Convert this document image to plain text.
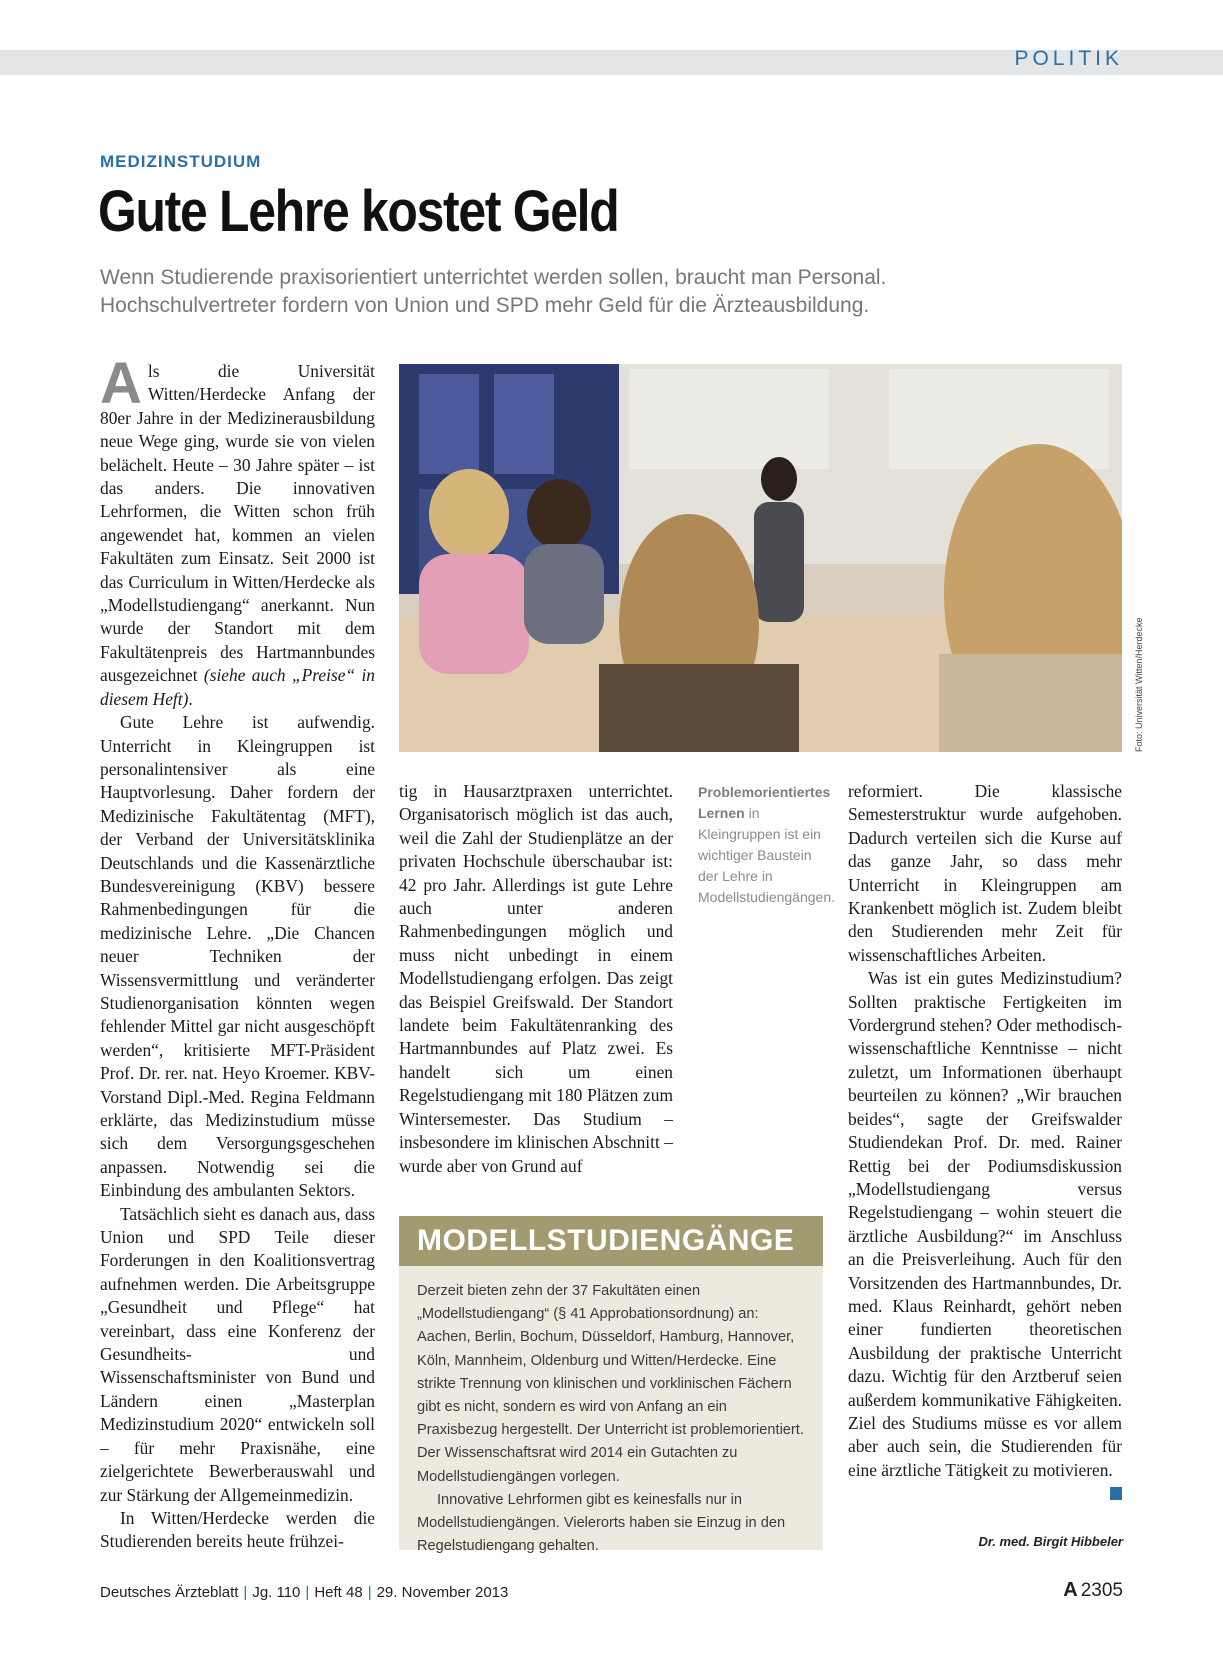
POLITIK
MEDIZINSTUDIUM
Gute Lehre kostet Geld
Wenn Studierende praxisorientiert unterrichtet werden sollen, braucht man Personal.
Hochschulvertreter fordern von Union und SPD mehr Geld für die Ärzteausbildung.

Als die Universität Witten/Herdecke Anfang der 80er Jahre in der Medizinerausbildung neue Wege ging, wurde sie von vielen belächelt. Heute – 30 Jahre später – ist das anders. Die innovativen Lehrformen, die Witten schon früh angewendet hat, kommen an vielen Fakultäten zum Einsatz. Seit 2000 ist das Curriculum in Witten/Herdecke als „Modellstudiengang“ anerkannt. Nun wurde der Standort mit dem Fakultätenpreis des Hartmannbundes ausgezeichnet (siehe auch „Preise“ in diesem Heft).

Gute Lehre ist aufwendig. Unterricht in Kleingruppen ist personalintensiver als eine Hauptvorlesung. Daher fordern der Medizinische Fakultätentag (MFT), der Verband der Universitätsklinika Deutschlands und die Kassenärztliche Bundesvereinigung (KBV) bessere Rahmenbedingungen für die medizinische Lehre. „Die Chancen neuer Techniken der Wissensvermittlung und veränderter Studienorganisation könnten wegen fehlender Mittel gar nicht ausgeschöpft werden“, kritisierte MFT-Präsident Prof. Dr. rer. nat. Heyo Kroemer. KBV-Vorstand Dipl.-Med. Regina Feldmann erklärte, das Medizinstudium müsse sich dem Versorgungsgeschehen anpassen. Notwendig sei die Einbindung des ambulanten Sektors.

Tatsächlich sieht es danach aus, dass Union und SPD Teile dieser Forderungen in den Koalitionsvertrag aufnehmen werden. Die Arbeitsgruppe „Gesundheit und Pflege“ hat vereinbart, dass eine Konferenz der Gesundheits- und Wissenschaftsminister von Bund und Ländern einen „Masterplan Medizinstudium 2020“ entwickeln soll – für mehr Praxisnähe, eine zielgerichtete Bewerberauswahl und zur Stärkung der Allgemeinmedizin.

In Witten/Herdecke werden die Studierenden bereits heute frühzei-

Foto: Universität Witten/Herdecke

tig in Hausarztpraxen unterrichtet. Organisatorisch möglich ist das auch, weil die Zahl der Studienplätze an der privaten Hochschule überschaubar ist: 42 pro Jahr. Allerdings ist gute Lehre auch unter anderen Rahmenbedingungen möglich und muss nicht unbedingt in einem Modellstudiengang erfolgen. Das zeigt das Beispiel Greifswald. Der Standort landete beim Fakultätenranking des Hartmannbundes auf Platz zwei. Es handelt sich um einen Regelstudiengang mit 180 Plätzen zum Wintersemester. Das Studium – insbesondere im klinischen Abschnitt – wurde aber von Grund auf

Problemorientiertes Lernen in Kleingruppen ist ein wichtiger Baustein der Lehre in Modellstudiengängen.
MODELLSTUDIENGÄNGE

Derzeit bieten zehn der 37 Fakultäten einen „Modellstudiengang“ (§ 41 Approbationsordnung) an: Aachen, Berlin, Bochum, Düsseldorf, Hamburg, Hannover, Köln, Mannheim, Oldenburg und Witten/Herdecke. Eine strikte Trennung von klinischen und vorklinischen Fächern gibt es nicht, sondern es wird von Anfang an ein Praxisbezug hergestellt. Der Unterricht ist problemorientiert. Der Wissenschaftsrat wird 2014 ein Gutachten zu Modellstudiengängen vorlegen.

Innovative Lehrformen gibt es keinesfalls nur in Modellstudiengängen. Vielerorts haben sie Einzug in den Regelstudiengang gehalten.

reformiert. Die klassische Semesterstruktur wurde aufgehoben. Dadurch verteilen sich die Kurse auf das ganze Jahr, so dass mehr Unterricht in Kleingruppen am Krankenbett möglich ist. Zudem bleibt den Studierenden mehr Zeit für wissenschaftliches Arbeiten.

Was ist ein gutes Medizinstudium? Sollten praktische Fertigkeiten im Vordergrund stehen? Oder methodisch-wissenschaftliche Kenntnisse – nicht zuletzt, um Informationen überhaupt beurteilen zu können? „Wir brauchen beides“, sagte der Greifswalder Studiendekan Prof. Dr. med. Rainer Rettig bei der Podiumsdiskussion „Modellstudiengang versus Regelstudiengang – wohin steuert die ärztliche Ausbildung?“ im Anschluss an die Preisverleihung. Auch für den Vorsitzenden des Hartmannbundes, Dr. med. Klaus Reinhardt, gehört neben einer fundierten theoretischen Ausbildung der praktische Unterricht dazu. Wichtig für den Arztberuf seien außerdem kommunikative Fähigkeiten. Ziel des Studiums müsse es vor allem aber auch sein, die Studierenden für eine ärztliche Tätigkeit zu motivieren.

Dr. med. Birgit Hibbeler
Deutsches Ärzteblatt | Jg. 110 | Heft 48 | 29. November 2013	A 2305
